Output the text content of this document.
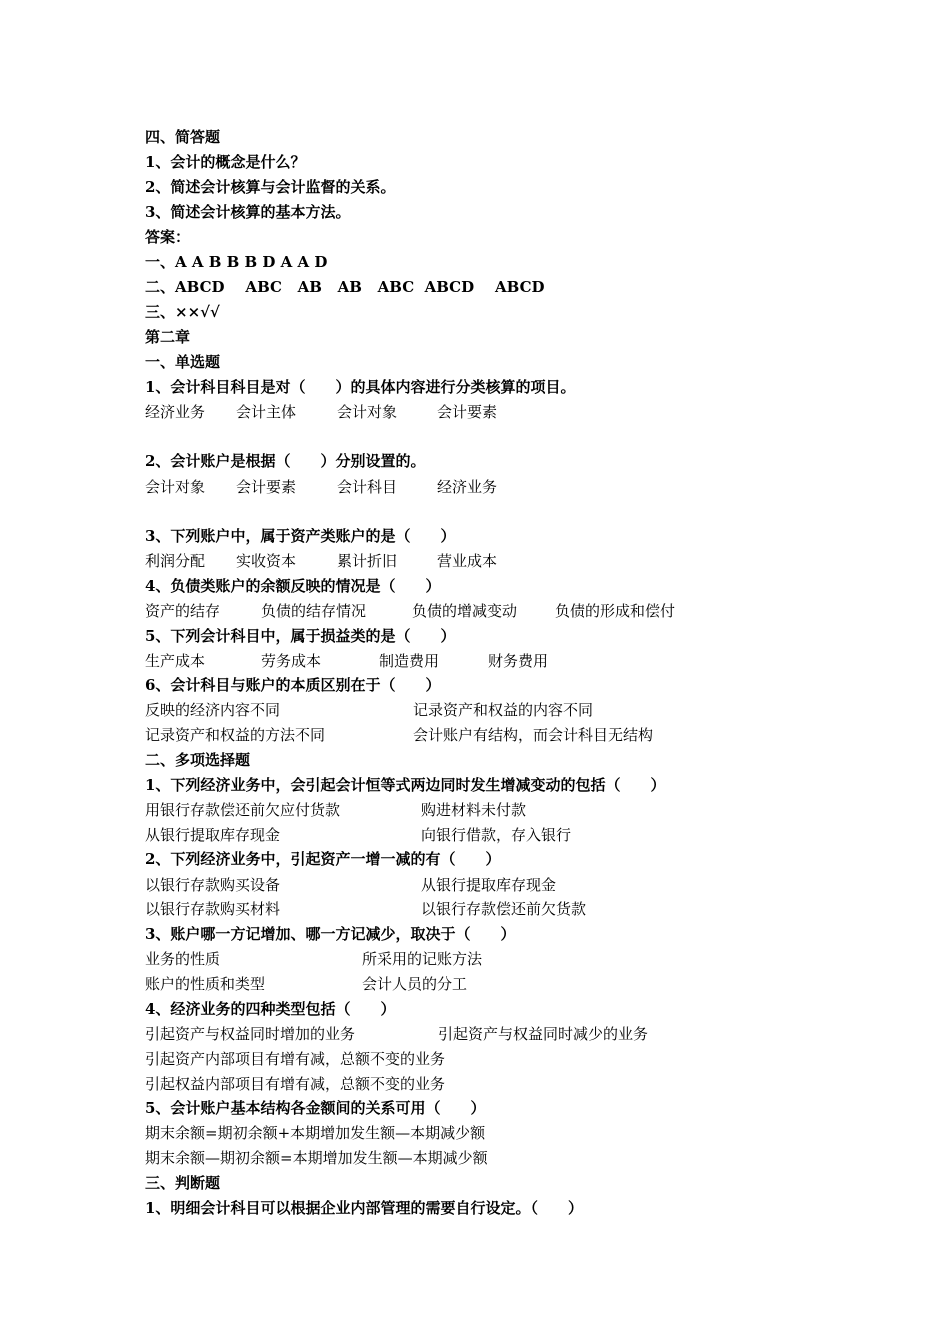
四、简答题
1、会计的概念是什么？
2、简述会计核算与会计监督的关系。
3、简述会计核算的基本方法。
答案：
一、A A B B B D A A D
二、ABCD    ABC   AB   AB   ABC  ABCD    ABCD
三、××√√
第二章
一、单选题
1、会计科目科目是对（　　）的具体内容进行分类核算的项目。

经济业务

会计主体

	会计对象

	会计要素

2、会计账户是根据（　　）分别设置的。

会计对象

会计要素

	会计科目

	经济业务

3、下列账户中，属于资产类账户的是（　　）

利润分配

实收资本

	累计折旧

	营业成本

4、负债类账户的余额反映的情况是（　　）

资产的结存

	负债的结存情况

	负债的增减变动

	负债的形成和偿付

5、下列会计科目中，属于损益类的是（　　）

生产成本

	劳务成本

	制造费用

	财务费用

6、会计科目与账户的本质区别在于（　　）

反映的经济内容不同

	记录资产和权益的内容不同

记录资产和权益的方法不同

	会计账户有结构，而会计科目无结构

二、多项选择题
1、下列经济业务中，会引起会计恒等式两边同时发生增减变动的包括（　　）

用银行存款偿还前欠应付货款

	购进材料未付款

从银行提取库存现金

	向银行借款，存入银行

2、下列经济业务中，引起资产一增一减的有（　　）

以银行存款购买设备

	从银行提取库存现金

以银行存款购买材料

	以银行存款偿还前欠货款

3、账户哪一方记增加、哪一方记减少，取决于（　　）

业务的性质

	所采用的记账方法

账户的性质和类型

	会计人员的分工

4、经济业务的四种类型包括（　　）

引起资产与权益同时增加的业务

	引起资产与权益同时减少的业务

引起资产内部项目有增有减，总额不变的业务
引起权益内部项目有增有减，总额不变的业务
5、会计账户基本结构各金额间的关系可用（　　）
期末余额=期初余额+本期增加发生额—本期减少额
期末余额—期初余额=本期增加发生额—本期减少额
三、判断题
1、明细会计科目可以根据企业内部管理的需要自行设定。（　　）
